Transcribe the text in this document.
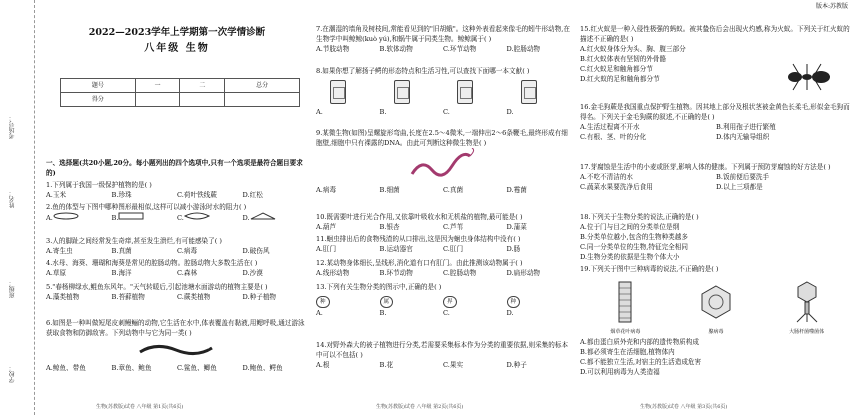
考场号：
姓名：
班级：
学校：
2022—2023学年上学期第一次学情诊断
八年级 生物
题号	一	二	总分
得分			
一、选择题(共20小题,20分。每小题列出的四个选项中,只有一个选项是最符合题目要求的)
1.下列属于我国一级保护植物的是( )
A.玉米	B.珍珠	C.荷叶铁线蕨	D.红松
2.鱼的体型与下图中哪种图形最相似,这样可以减小游泳时水的阻力( )
A.	B.	C.	D.
3.人的脚趾之间经常发生奇痒,甚至发生溃烂,有可能感染了( )
A.寄生虫	B.真菌	C.病毒	D.破伤风
4.水母、海葵、珊瑚和海葵是常见的腔肠动物。腔肠动物大多数生活在( )
A.草原	B.海洋	C.森林	D.沙漠
5."春杨柳绿水,鲲鱼东风年。"天气转暖后,引起池塘水面游动的植物主要是( )
A.藻类植物	B.苔藓植物	C.蕨类植物	D.种子植物
6.如图是一种叫做短尾皮刺鳗鲡的动物,它生活在水中,体表覆盖有黏液,用鳃呼吸,通过游泳获取食物和防御敌害。下列动物中与它为同一类( )
A.鲸鱼、带鱼	B.章鱼、鲍鱼	C.鲨鱼、鲫鱼	D.鲍鱼、鳄鱼
生物(苏教版)试卷 八年级 第1页(共6页)
7.在潮湿的墙角及树枝间,常能看见到的"旧胡蛾"。这种外表看起来像毛的蚓牛形动物,在生物学中叫鲸鲸(kuò yú),和蜗牛属于同类生物。鲸鲸属于( )
A.节肢动物	B.软体动物	C.环节动物	D.腔肠动物
8.如果你想了解扬子鳄的形态特点和生活习性,可以查找下面哪一本文献( )
A.	B.	C.	D.
9.某微生物(如图)呈螺旋形弯曲,长度在2.5～4微米,一端伸出2～6条鞭毛,最终形成有细胞壁,细胞中只有裸露的DNA。由此可判断这种微生物是( )
A.病毒	B.细菌	C.真菌	D.霉菌
10.既需要叶进行光合作用,又依靠叶吸收水和无机盐的植物,最可能是( )
A.葫芦	B.银杏	C.芦苇	D.蒲菜
11.蛔虫排出后的食物残渣的从口排出,这是因为蛔虫身体结构中没有( )
A.肛门	B.运动器官	C.肛门	D.肠
12.某动物身体细长,呈线形,消化道有口有肛门。由此推测该动物属于( )
A.线形动物	B.环节动物	C.腔肠动物	D.扁形动物
13.下列有关生物分类的图示中,正确的是( )
种	属	界	种
A.	B.	C.	D.
14.对野外森大的被子植物进行分类,若需要采集标本作为分类的重要依据,则采集的标本中可以不包括( )
A.根	B.花	C.果实	D.种子
生物(苏教版)试卷 八年级 第2页(共6页)
版本:苏教版
15.红火蚁是一种入侵性极强的蚂蚁。被其蛰伤后会出现火灼感,称为火蚁。下列关于红火蚁的描述不正确的是( )
A.红火蚁身体分为头、胸、腹三部分
B.红火蚁体表有坚韧的外骨骼
C.红火蚁足和触角都分节
D.红火蚁的足和触角都分节
16.金毛狗蕨是我国重点保护野生植物。因其地上部分及根状茎被金黄色长柔毛,形似金毛狗而得名。下列关于金毛狗蕨的叙述,不正确的是( )
A.生活过程离不开水	B.利用孢子进行繁殖
C.有根、茎、叶的分化	D.体内无输导组织
17.芽腐蚀是生活中的小麦或胚芽,影响人体的健康。下列属于预防芽腐蚀的好方法是( )
A.不吃不清洁的水	B.饭前便后要洗手
C.蔬菜水果要洗净后食用	D.以上三项都是
18.下列关于生物分类的说法,正确的是( )
A.位于门与目之间的分类单位是纲
B.分类单位越小,包含的生物种类越多
C.同一分类单位的生物,特征完全相同
D.生物分类的依据是生物个体大小
19.下列关于图中三种病毒的说法,不正确的是( )
烟草花叶病毒	腺病毒	大肠杆菌噬菌体
A.都由蛋白质外壳和内部的遗传物质构成
B.都必须寄生在活细胞,植物体内
C.都不能独立生活,对宿主的生活造成危害
D.可以利用病毒为人类造福
生物(苏教版)试卷 八年级 第3页(共6页)
